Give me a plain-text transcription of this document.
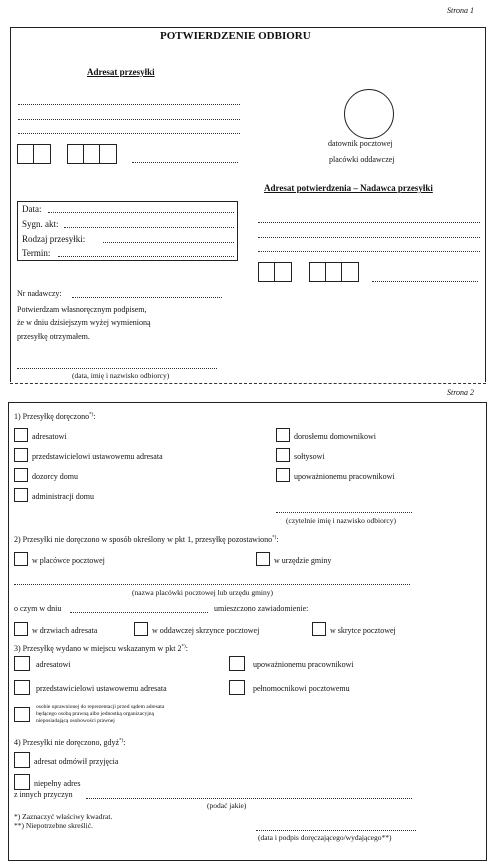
Strona 1
POTWIERDZENIE ODBIORU
Adresat przesyłki
datownik pocztowej
placówki oddawczej
Adresat potwierdzenia – Nadawca przesyłki
Data:
Sygn. akt:
Rodzaj przesyłki:
Termin:
Nr nadawczy:
Potwierdzam własnoręcznym podpisem,
że w dniu dzisiejszym wyżej wymienioną
przesyłkę otrzymałem.
(data, imię i nazwisko odbiorcy)
Strona 2
1) Przesyłkę doręczono*):
adresatowi
przedstawicielowi ustawowemu adresata
dozorcy domu
administracji domu
dorosłemu domownikowi
sołtysowi
upoważnionemu pracownikowi
(czytelnie imię i nazwisko odbiorcy)
2) Przesyłki nie doręczono w sposób określony w pkt 1, przesyłkę pozostawiono*):
w placówce pocztowej	w urzędzie gminy
(nazwa placówki pocztowej lub urzędu gminy)
o czym w dniu	umieszczono zawiadomienie:
w drzwiach adresata	w oddawczej skrzynce pocztowej	w skrytce pocztowej
3) Przesyłkę wydano w miejscu wskazanym w pkt 2*):
adresatowi
przedstawicielowi ustawowemu adresata
upoważnionemu pracownikowi
pełnomocnikowi pocztowemu
osobie uprawnionej do reprezentacji przed sądem adresata
będącego osobą prawną albo jednostką organizacyjną
nieposiadającą osobowości prawnej
4) Przesyłki nie doręczono, gdyż*):
adresat odmówił przyjęcia
niepełny adres
z innych przyczyn
(podać jakie)
*) Zaznaczyć właściwy kwadrat.
**) Niepotrzebne skreślić.
(data i podpis doręczającego/wydającego**)
